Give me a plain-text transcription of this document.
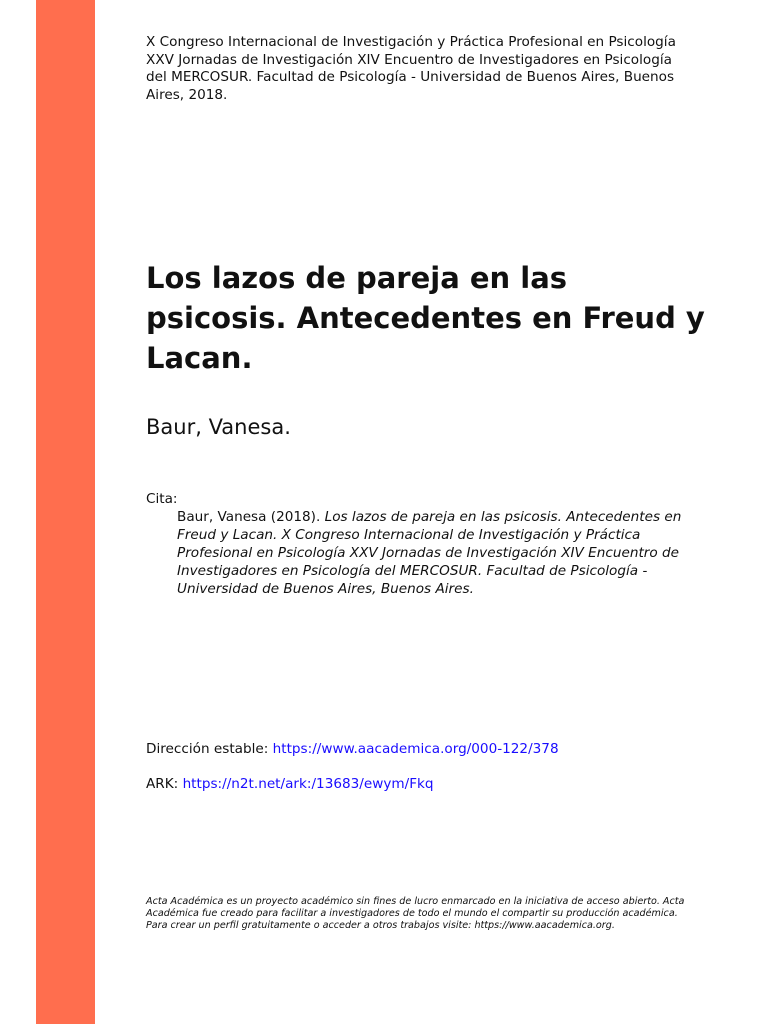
X Congreso Internacional de Investigación y Práctica Profesional en Psicología XXV Jornadas de Investigación XIV Encuentro de Investigadores en Psicología del MERCOSUR. Facultad de Psicología - Universidad de Buenos Aires, Buenos Aires, 2018.
Los lazos de pareja en las psicosis. Antecedentes en Freud y Lacan.
Baur, Vanesa.
Cita:
Baur, Vanesa (2018). Los lazos de pareja en las psicosis. Antecedentes en Freud y Lacan. X Congreso Internacional de Investigación y Práctica Profesional en Psicología XXV Jornadas de Investigación XIV Encuentro de Investigadores en Psicología del MERCOSUR. Facultad de Psicología - Universidad de Buenos Aires, Buenos Aires.
Dirección estable: https://www.aacademica.org/000-122/378
ARK: https://n2t.net/ark:/13683/ewym/Fkq
Acta Académica es un proyecto académico sin fines de lucro enmarcado en la iniciativa de acceso abierto. Acta Académica fue creado para facilitar a investigadores de todo el mundo el compartir su producción académica. Para crear un perfil gratuitamente o acceder a otros trabajos visite: https://www.aacademica.org.
